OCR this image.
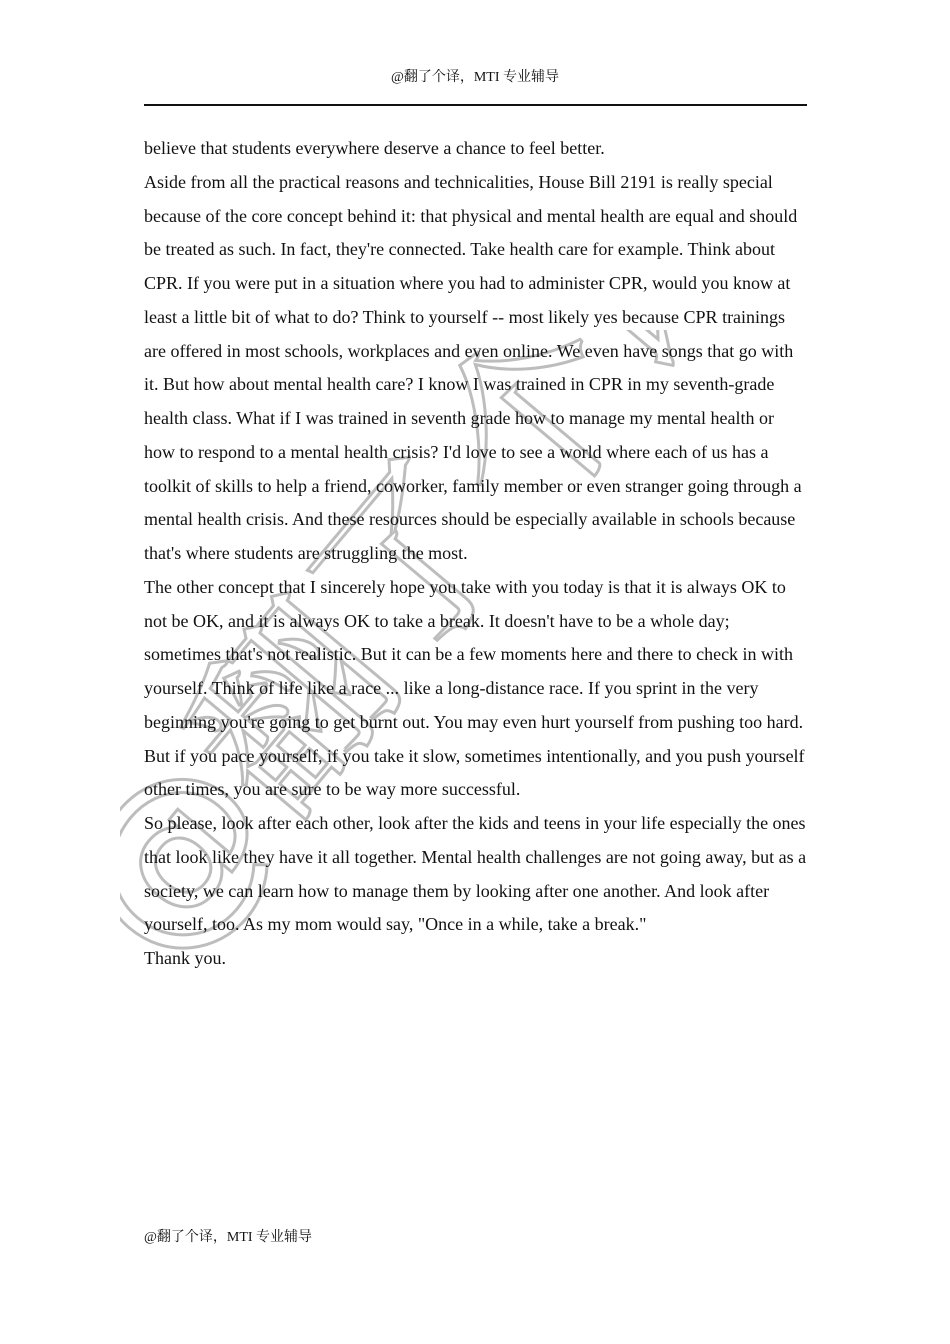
@翻了个译，MTI 专业辅导
@翻了个译

believe that students everywhere deserve a chance to feel better.

Aside from all the practical reasons and technicalities, House Bill 2191 is really special because of the core concept behind it: that physical and mental health are equal and should be treated as such. In fact, they're connected. Take health care for example. Think about CPR. If you were put in a situation where you had to administer CPR, would you know at least a little bit of what to do? Think to yourself -- most likely yes because CPR trainings are offered in most schools, workplaces and even online. We even have songs that go with it. But how about mental health care? I know I was trained in CPR in my seventh-grade health class. What if I was trained in seventh grade how to manage my mental health or how to respond to a mental health crisis? I'd love to see a world where each of us has a toolkit of skills to help a friend, coworker, family member or even stranger going through a mental health crisis. And these resources should be especially available in schools because that's where students are struggling the most.

The other concept that I sincerely hope you take with you today is that it is always OK to not be OK, and it is always OK to take a break. It doesn't have to be a whole day; sometimes that's not realistic. But it can be a few moments here and there to check in with yourself. Think of life like a race ... like a long-distance race. If you sprint in the very beginning you're going to get burnt out. You may even hurt yourself from pushing too hard. But if you pace yourself, if you take it slow, sometimes intentionally, and you push yourself other times, you are sure to be way more successful.

So please, look after each other, look after the kids and teens in your life especially the ones that look like they have it all together. Mental health challenges are not going away, but as a society, we can learn how to manage them by looking after one another. And look after yourself, too. As my mom would say, "Once in a while, take a break."

Thank you.

@翻了个译，MTI 专业辅导
